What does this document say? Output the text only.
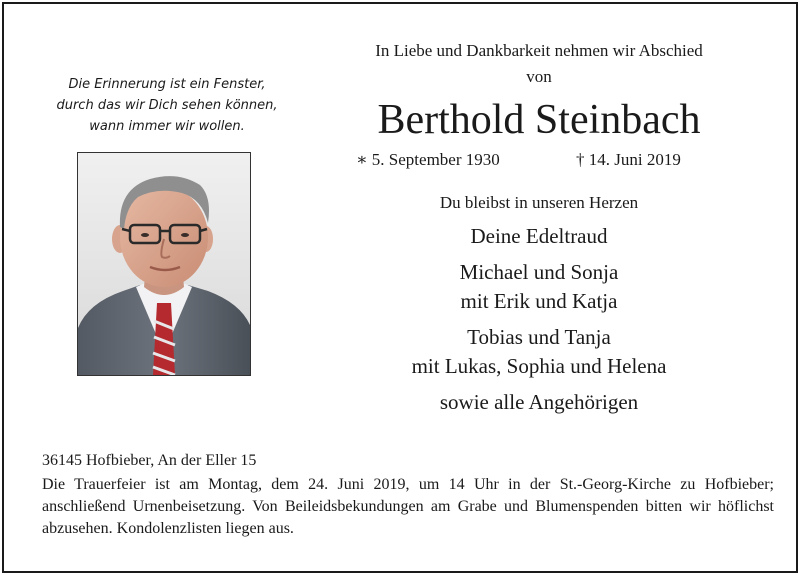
Die Erinnerung ist ein Fenster,
durch das wir Dich sehen können,
wann immer wir wollen.
In Liebe und Dankbarkeit nehmen wir Abschied
von
Berthold Steinbach
∗ 5. September 1930	† 14. Juni 2019
Du bleibst in unseren Herzen
Deine Edeltraud
Michael und Sonja
mit Erik und Katja
Tobias und Tanja
mit Lukas, Sophia und Helena
sowie alle Angehörigen
36145 Hofbieber, An der Eller 15
Die Trauerfeier ist am Montag, dem 24. Juni 2019, um 14 Uhr in der St.-Georg-Kirche zu Hofbieber; anschließend Urnenbeisetzung. Von Beileidsbekundungen am Grabe und Blumenspenden bitten wir höflichst abzusehen. Kondolenzlisten liegen aus.
